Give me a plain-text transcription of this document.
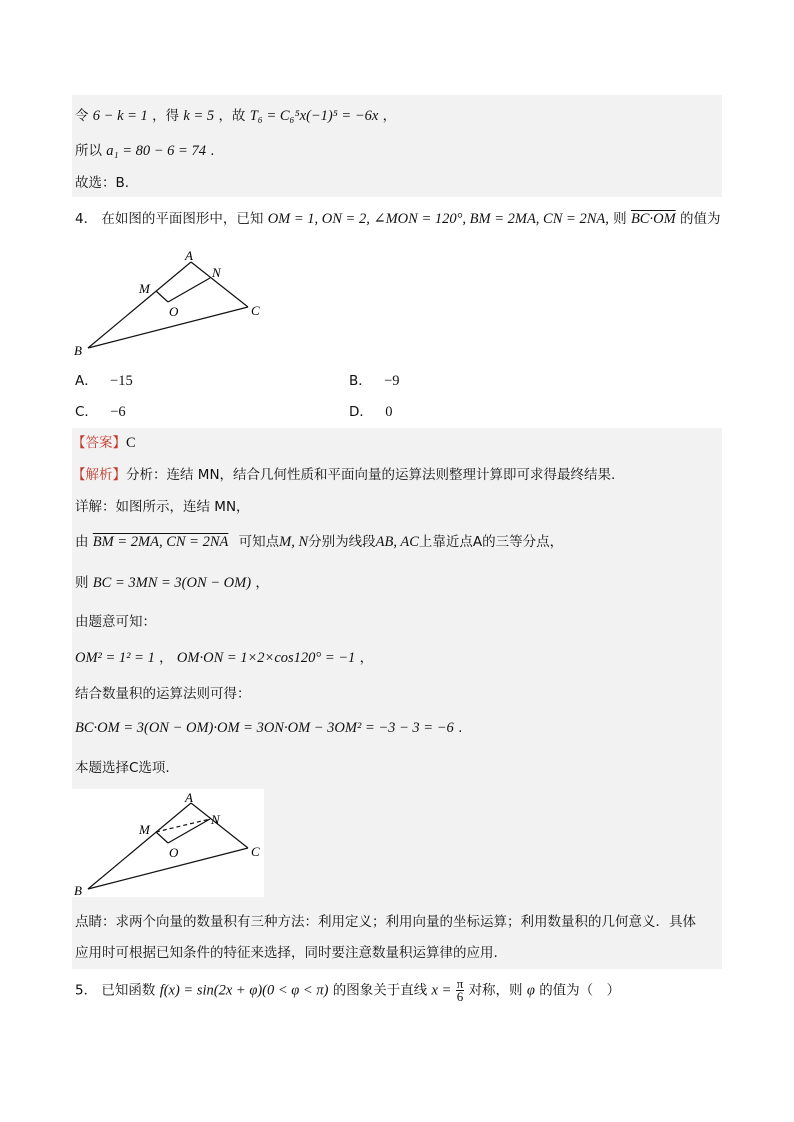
令 6 − k = 1 ，得 k = 5 ，故 T₆ = C₆⁵x(−1)⁵ = −6x ，
所以 a₁ = 80 − 6 = 74 .
故选：B.
4． 在如图的平面图形中，已知 OM = 1, ON = 2, ∠MON = 120°, BM = 2MA, CN = 2NA, 则 BC·OM 的值为
A
M
N
O	C
B
A． −15	B． −9
C． −6	D． 0
【答案】C
【解析】分析：连结 MN，结合几何性质和平面向量的运算法则整理计算即可求得最终结果.
详解：如图所示，连结 MN，
由 BM = 2MA, CN = 2NA 可知点M, N分别为线段AB, AC上靠近点A的三等分点，
则 BC = 3MN = 3(ON − OM) ，
由题意可知：
OM² = 1² = 1 ， OM·ON = 1×2×cos120° = −1 ，
结合数量积的运算法则可得：
BC·OM = 3(ON − OM)·OM = 3ON·OM − 3OM² = −3 − 3 = −6 .
本题选择C选项.
A
M
N
O	C
B
点睛：求两个向量的数量积有三种方法：利用定义；利用向量的坐标运算；利用数量积的几何意义．具体
应用时可根据已知条件的特征来选择，同时要注意数量积运算律的应用.
5． 已知函数 f(x) = sin(2x + φ)(0 < φ < π) 的图象关于直线 $x = \frac{\pi}{6}$ 对称，则 φ 的值为（　）
